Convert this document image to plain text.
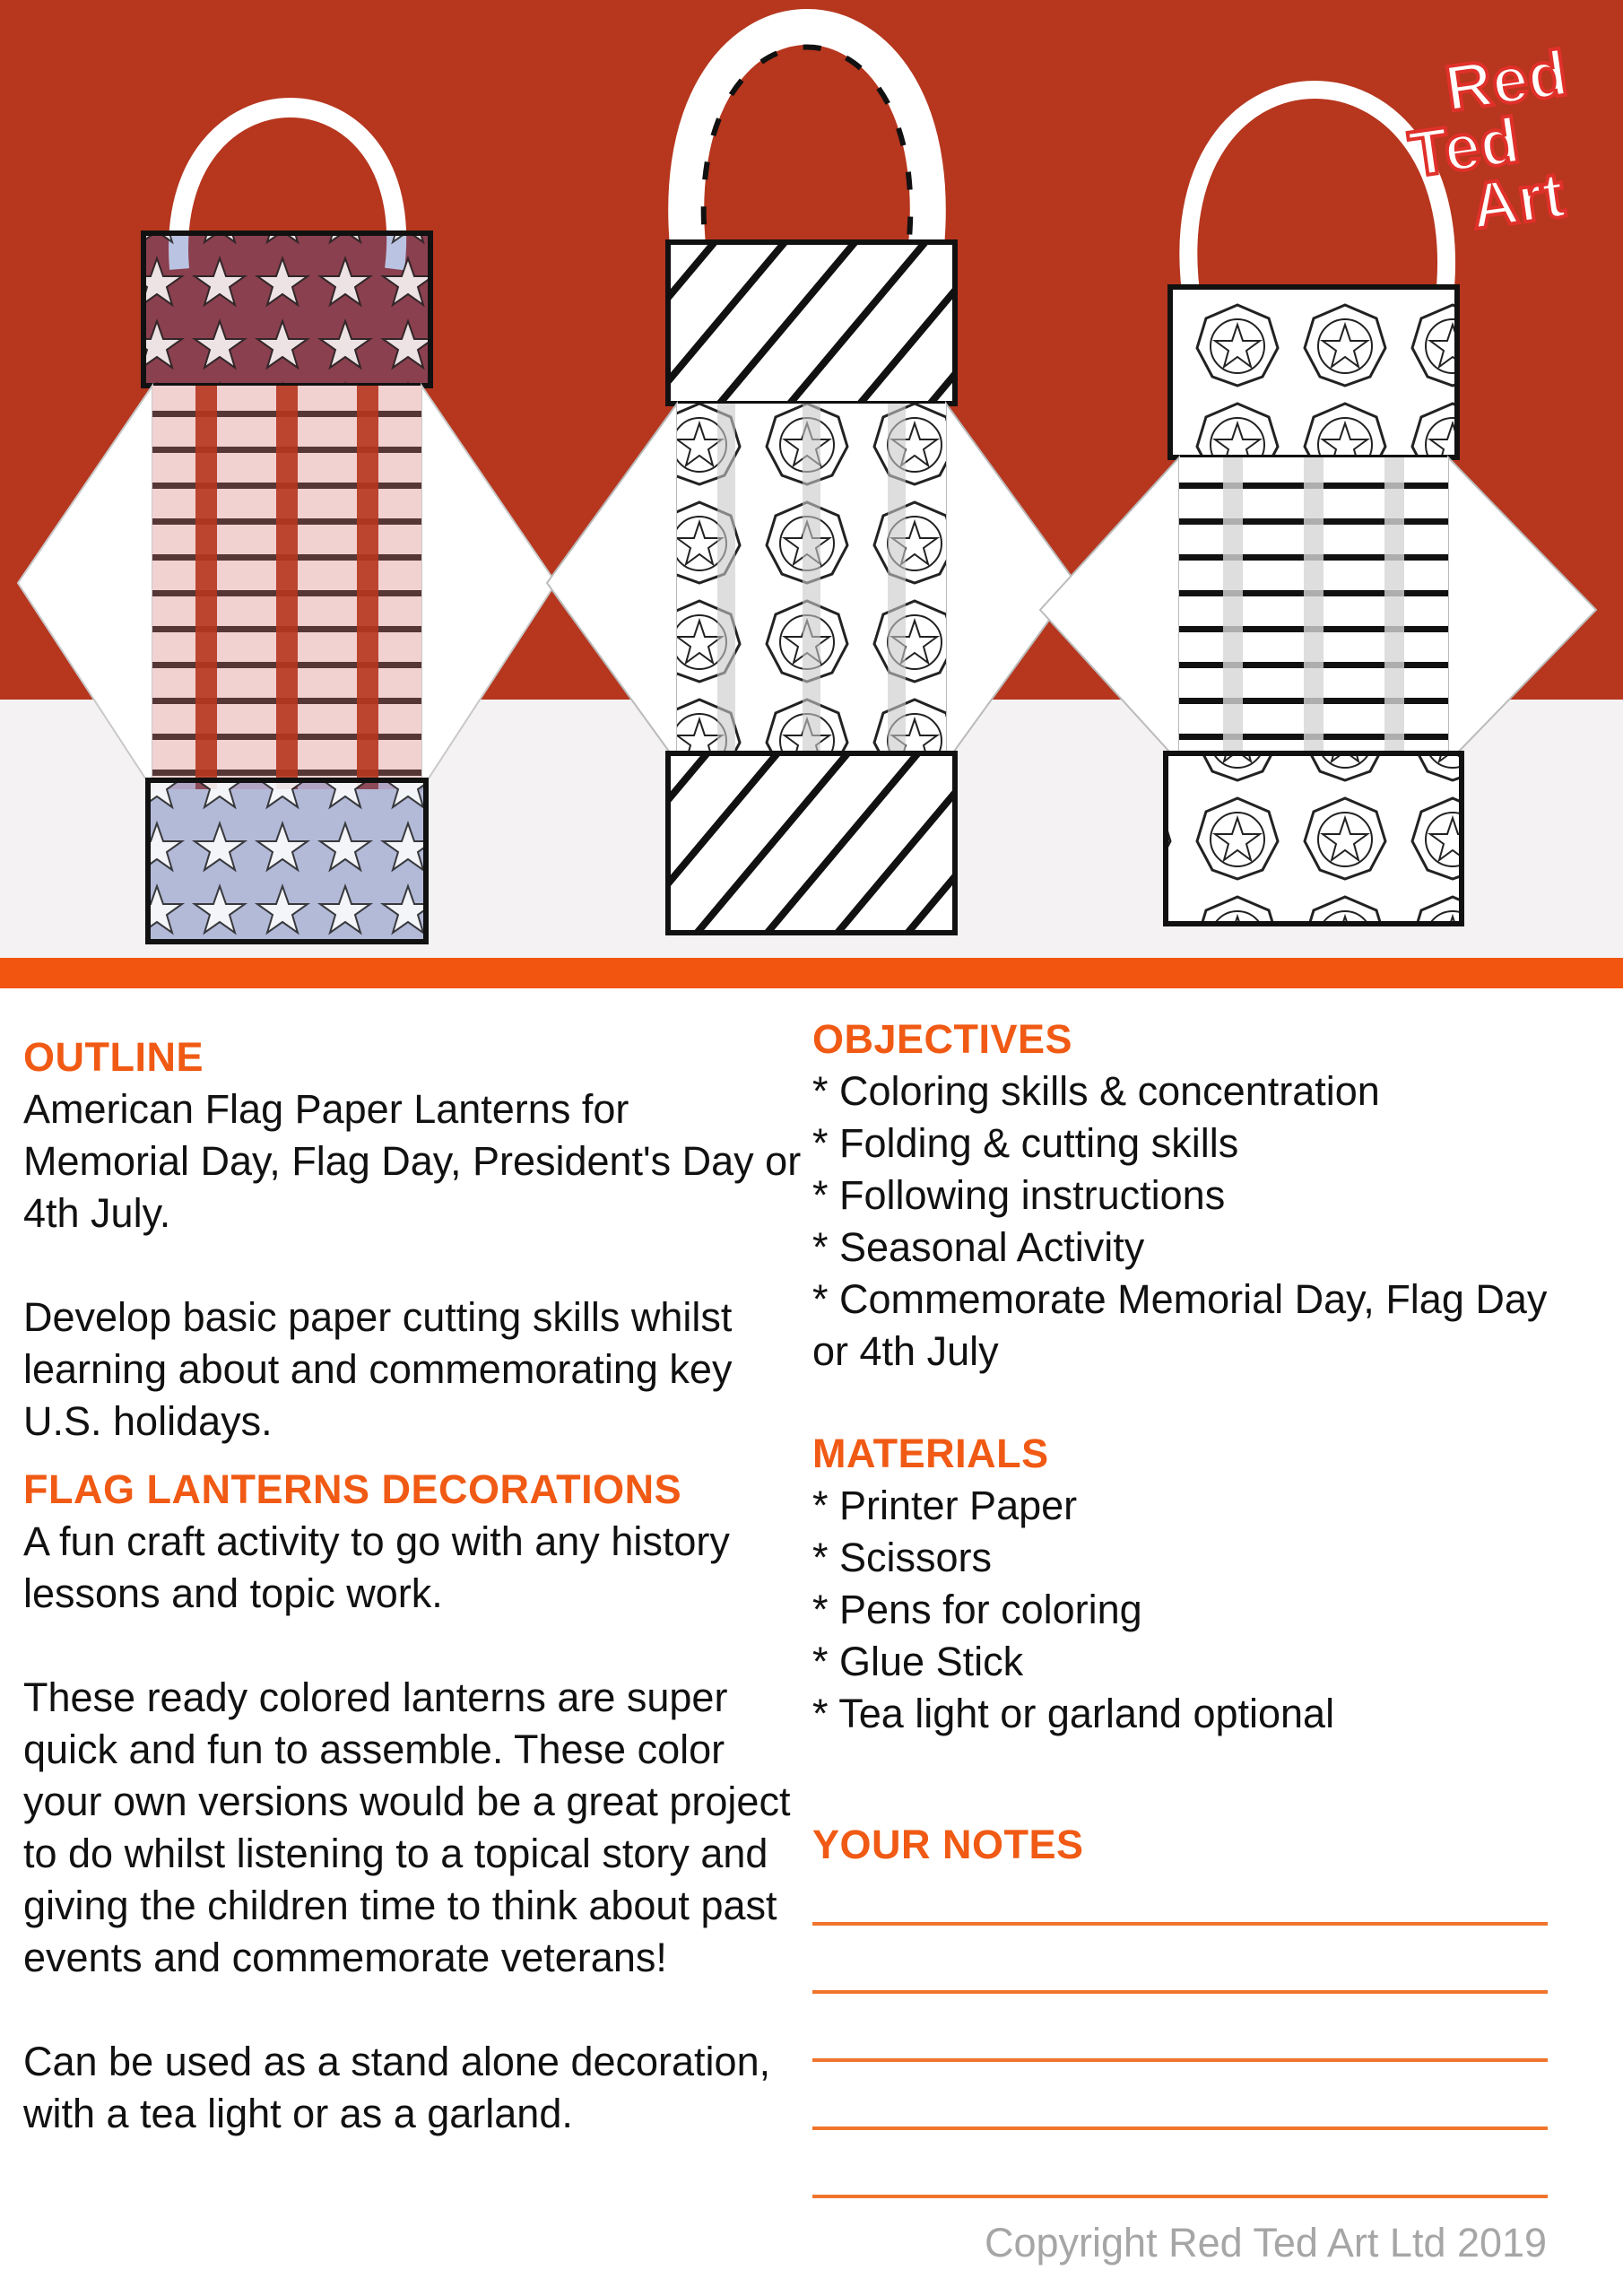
Red
Ted
Art
OUTLINE

American Flag Paper Lanterns for Memorial Day, Flag Day, President's Day or 4th July.

Develop basic paper cutting skills whilst learning about and commemorating key U.S. holidays.

FLAG LANTERNS DECORATIONS

A fun craft activity to go with any history lessons and topic work.

These ready colored lanterns are super quick and fun to assemble. These color your own versions would be a great project to do whilst listening to a topical story and giving the children time to think about past events and commemorate veterans!

Can be used as a stand alone decoration, with a tea light or as a garland.

OBJECTIVES
* Coloring skills & concentration
* Folding & cutting skills
* Following instructions
* Seasonal Activity
* Commemorate Memorial Day, Flag Day or 4th July
MATERIALS
* Printer Paper
* Scissors
* Pens for coloring
* Glue Stick
* Tea light or garland optional
YOUR NOTES
Copyright Red Ted Art Ltd 2019
